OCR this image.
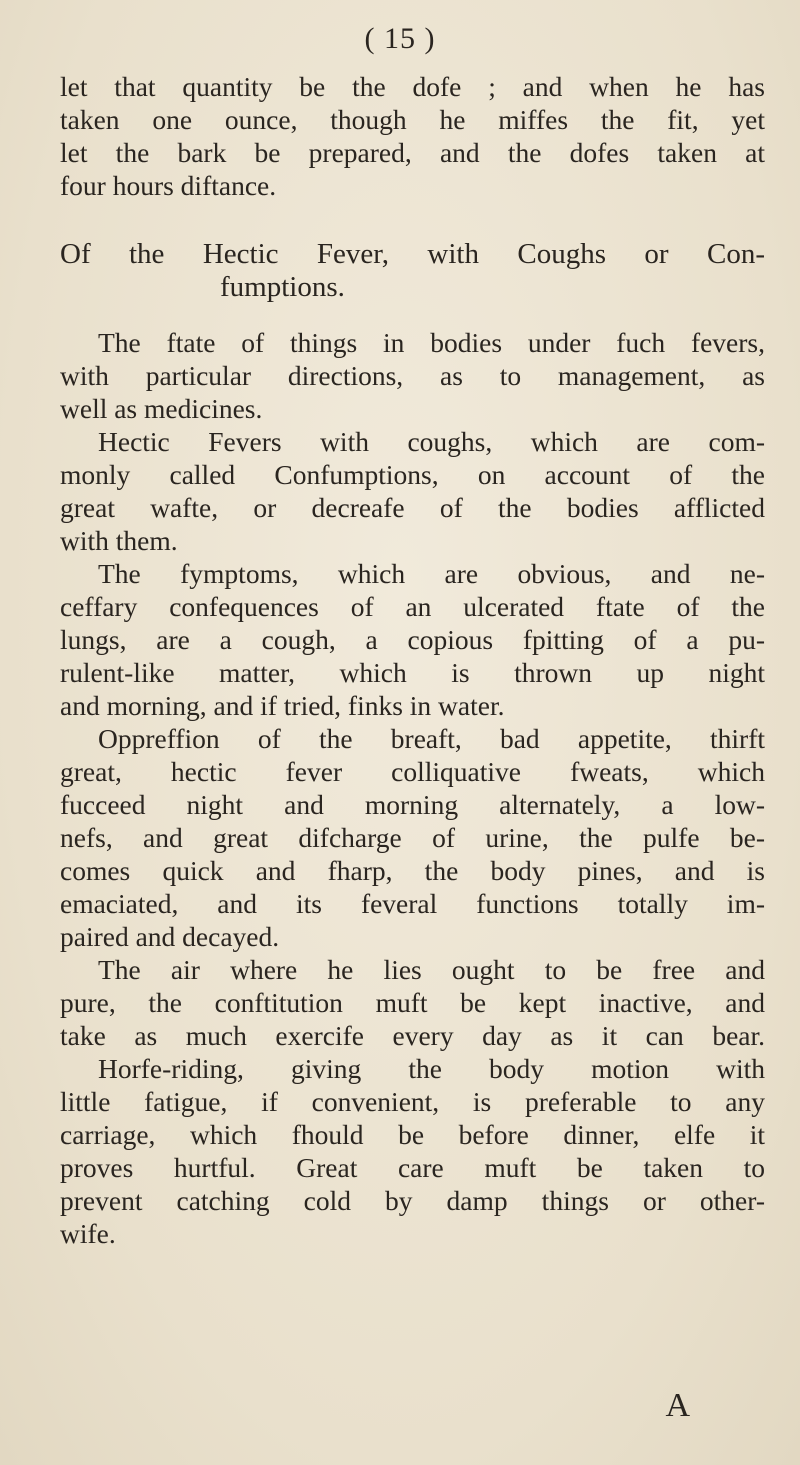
( 15 )
let that quantity be the dofe ; and when he has
taken one ounce, though he miffes the fit, yet
let the bark be prepared, and the dofes taken at
four hours diftance.
Of the Hectic Fever, with Coughs or Con-
fumptions.
The ftate of things in bodies under fuch fevers,
with particular directions, as to management, as
well as medicines.
Hectic Fevers with coughs, which are com-
monly called Confumptions, on account of the
great wafte, or decreafe of the bodies afflicted
with them.
The fymptoms, which are obvious, and ne-
ceffary confequences of an ulcerated ftate of the
lungs, are a cough, a copious fpitting of a pu-
rulent-like matter, which is thrown up night
and morning, and if tried, finks in water.
Oppreffion of the breaft, bad appetite, thirft
great, hectic fever colliquative fweats, which
fucceed night and morning alternately, a low-
nefs, and great difcharge of urine, the pulfe be-
comes quick and fharp, the body pines, and is
emaciated, and its feveral functions totally im-
paired and decayed.
The air where he lies ought to be free and
pure, the conftitution muft be kept inactive, and
take as much exercife every day as it can bear.
Horfe-riding, giving the body motion with
little fatigue, if convenient, is preferable to any
carriage, which fhould be before dinner, elfe it
proves hurtful. Great care muft be taken to
prevent catching cold by damp things or other-
wife.
A
